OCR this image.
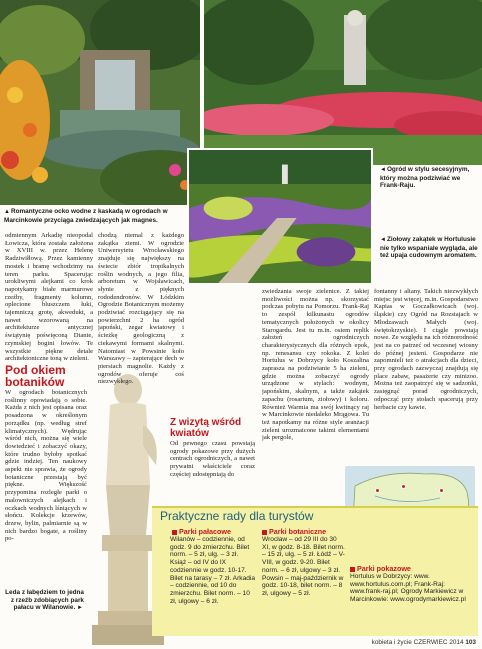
▲Romantyczne ocko wodne z kaskadą w ogrodach w Marcinkowie przyciąga zwiedzających jak magnes.
◄Ogród w stylu secesyjnym, który można podziwiać we Frank-Raju.
◄Ziołowy zakątek w Hortulusie nie tylko wspaniale wygląda, ale też upaja cudownym aromatem.
Leda z łabędziem to jedna z rzeźb zdobiących park pałacu w Wilanowie. ►

odmiennym Arkadię nieopodal Łowicza, która została założona w XVIII w. przez Helenę Radziwiłłową. Przez kamienny mostek i bramę wchodzimy na teren parku. Spacerując urokliwymi alejkami co krok napotykamy białe marmurowe rzeźby, fragmenty kolumn, oplecione bluszczem łuki, tajemniczą grotę, akwedukt, a nawet wzorowaną na architekturze antycznej świątynię poświęconą Dianie, rzymskiej bogini łowów. Te wszystkie piękne detale architektoniczne toną w zieleni.

Pod okiem botaników

W ogrodach botanicznych roślinny opowiadają o sobie. Każda z nich jest opisana oraz posadzona w określonym porządku (np. według stref klimatycznych). Wędrując wśród nich, można się wiele dowiedzieć i zobaczyć okazy, które trudno byłoby spotkać gdzie indziej. Ten naukowy aspekt nie sprawia, że ogrody botaniczne przestają być piękne. Większość przypomina rozległe parki o malowniczych alejkach i oczkach wodnych lśniących w słońcu. Kolekcje krzewów, drzew, bylin, palmiarnie są w nich bardzo bogate, a rośliny po-

chodzą niemal z każdego zakątka ziemi. W ogrodzie Uniwersytetu Wrocławskiego znajduje się największy na świecie zbiór tropikalnych roślin wodnych, a jego filia, arboretum w Wojsławicach, słynie z pięknych rododendronów. W Łódzkim Ogrodzie Botanicznym możemy podziwiać rozciągający się na powierzchni 2 ha ogród japoński, zegar kwiatowy i ścieżkę geologiczną z ciekawymi formami skalnymi. Natomiast w Powsinie koło Warszawy – zapierające dech w piersiach magnolie. Każdy z ogrodów oferuje coś niezwykłego.

Z wizytą wśród kwiatów

Od pewnego czasu powstają ogrody pokazowe przy dużych centrach ogrodniczych, a nawet prywatni właściciele coraz częściej udostępniają do

zwiedzania swoje zielenice. Z takiej możliwości można np. skorzystać podczas pobytu na Pomorzu. Frank-Raj to zespół kilkunastu ogrodów tematycznych położonych w okolicy Starogardu. Jest tu m.in. osiem replik założeń ogrodniczych charakterystycznych dla różnych epok, np. renesansu czy rokoka. Z kolei Hortulus w Dobrzycy koło Koszalina zaprasza na podziwianie 5 ha zieleni, gdzie można zobaczyć ogrody urządzone w stylach: wodnym, japońskim, skalnym, a także zakątek zapachu (rosarium, ziołowy) i koloru. Również Warmia ma swój kwitnący raj w Marcinkowie niedaleko Mrągowa. Tu też napotkamy na różne style aranżacji zieleni urozmaicone takimi elementami jak pergole,

fontanny i altany. Takich niezwykłych miejsc jest więcej, m.in. Gospodarstwo Kapias w Goczałkowicach (woj. śląskie) czy Ogród na Rozstajach w Młodzawach Małych (woj. świętokrzyskie). I ciągle powstają nowe. Ze względu na ich różnorodność jest na co patrzeć od wczesnej wiosny do późnej jesieni. Gospodarze nie zapomnieli też o atrakcjach dla dzieci, przy ogrodach zazwyczaj znajdują się place zabaw, pasażerie czy minizoo. Można też zaopatrzyć się w sadzonki, zasięgnąć porad ogrodniczych, odpocząć przy stołach spacerują przy herbacie czy kawie.

Praktyczne rady dla turystów
Parki pałacowe
Wilanów – codziennie, od godz. 9 do zmierzchu. Bilet norm. – 5 zł, ulg. – 3 zł. Książ – od IV do IX codziennie w godz. 10-17. Bilet na tarasy – 7 zł. Arkadia – codziennie, od 10 do zmierzchu. Bilet norm. – 10 zł, ulgowy – 6 zł.
Parki botaniczne
Wrocław – od 29 III do 30 XI, w godz. 8-18. Bilet norm. – 15 zł, ulg. – 5 zł. Łódź – V-VIII, w godz. 9-20. Bilet norm. – 6 zł, ulgowy – 3 zł. Powsin – maj-październik w godz. 10-18, bilet norm. – 8 zł, ulgowy – 5 zł.
Parki pokazowe
Hortulus w Dobrzycy: www. www.hortulus.com.pl; Frank-Raj: www.frank-raj.pl; Ogrody Markiewicz w Marcinkowie: www.ogrodymarkiewicz.pl
kobieta i życie CZERWIEC 2014 103
